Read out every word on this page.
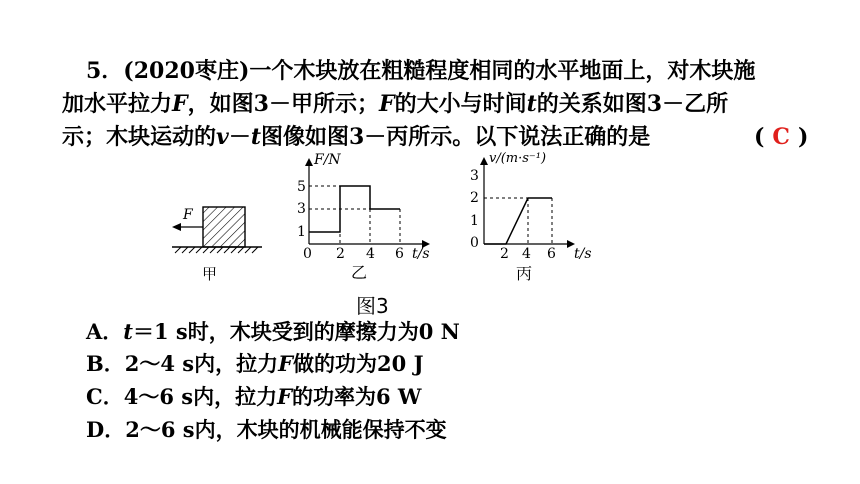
5．(2020枣庄)一个木块放在粗糙程度相同的水平地面上，对木块施
加水平拉力F，如图3－甲所示；F的大小与时间t的关系如图3－乙所
示；木块运动的v－t图像如图3－丙所示。以下说法正确的是	( C )
F
甲
F/N
t/s
5
3
1
0 2 4 6
乙
v/(m·s⁻¹)
t/s
3
2
1
0
2 4 6
丙
图3
A．t＝1 s时，木块受到的摩擦力为0 N
B．2～4 s内，拉力F做的功为20 J
C．4～6 s内，拉力F的功率为6 W
D．2～6 s内，木块的机械能保持不变
